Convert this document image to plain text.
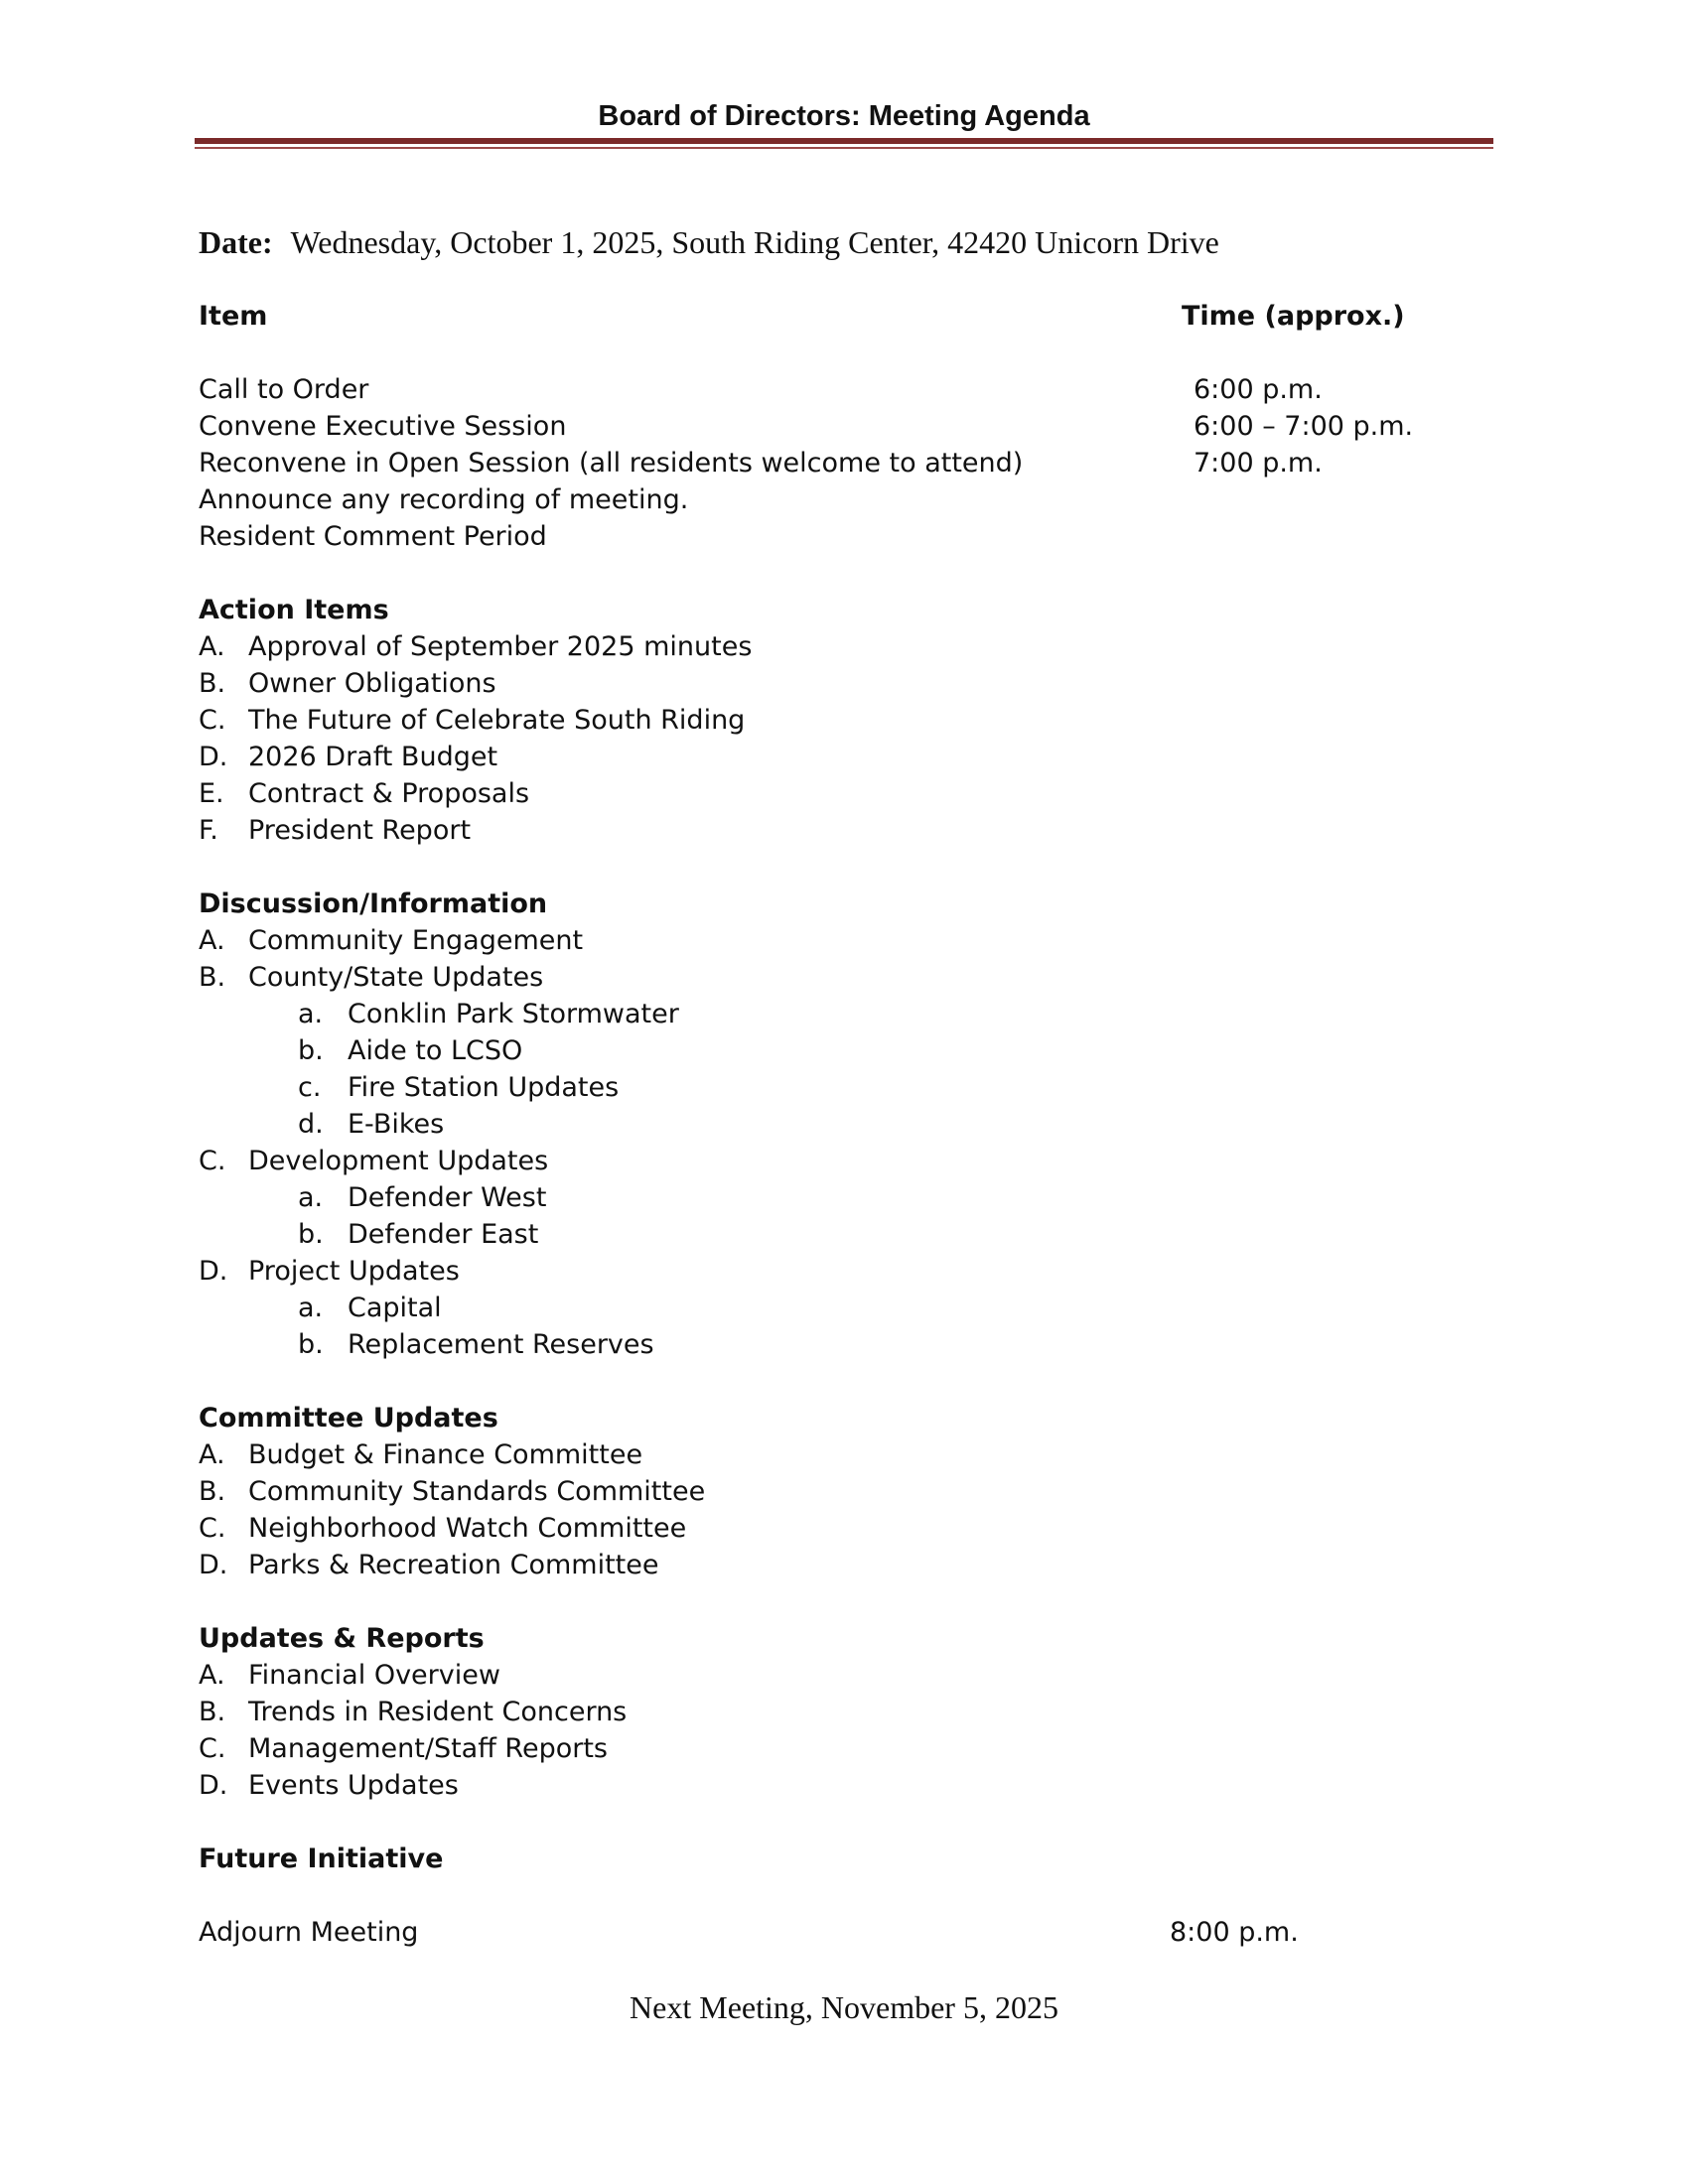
Board of Directors: Meeting Agenda
Date: Wednesday, October 1, 2025, South Riding Center, 42420 Unicorn Drive
Item	Time (approx.)
Call to Order	6:00 p.m.
Convene Executive Session	6:00 – 7:00 p.m.
Reconvene in Open Session (all residents welcome to attend)	7:00 p.m.
Announce any recording of meeting.
Resident Comment Period
Action Items
A. Approval of September 2025 minutes
B. Owner Obligations
C. The Future of Celebrate South Riding
D. 2026 Draft Budget
E. Contract & Proposals
F. President Report
Discussion/Information
A. Community Engagement
B. County/State Updates
a. Conklin Park Stormwater
b. Aide to LCSO
c. Fire Station Updates
d. E-Bikes
C. Development Updates
a. Defender West
b. Defender East
D. Project Updates
a. Capital
b. Replacement Reserves
Committee Updates
A. Budget & Finance Committee
B. Community Standards Committee
C. Neighborhood Watch Committee
D. Parks & Recreation Committee
Updates & Reports
A. Financial Overview
B. Trends in Resident Concerns
C. Management/Staff Reports
D. Events Updates
Future Initiative
Adjourn Meeting	8:00 p.m.
Next Meeting, November 5, 2025
